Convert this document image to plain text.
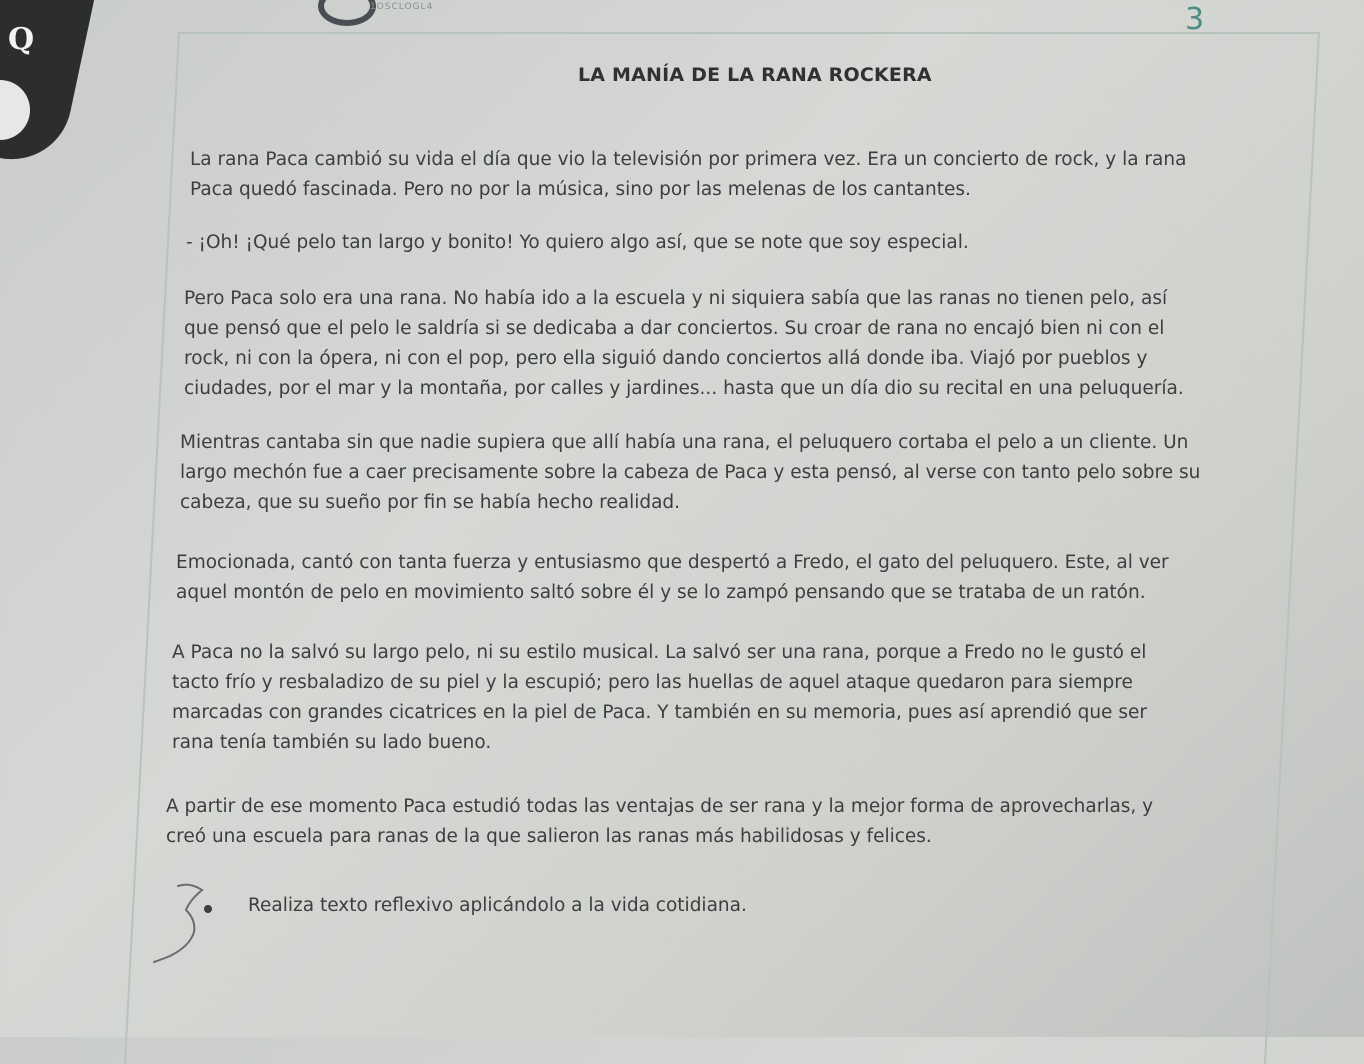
Q
1OSCLOGL4	3
LA MANÍA DE LA RANA ROCKERA
La rana Paca cambió su vida el día que vio la televisión por primera vez. Era un concierto de rock, y la rana
Paca quedó fascinada. Pero no por la música, sino por las melenas de los cantantes.
- ¡Oh! ¡Qué pelo tan largo y bonito! Yo quiero algo así, que se note que soy especial.
Pero Paca solo era una rana. No había ido a la escuela y ni siquiera sabía que las ranas no tienen pelo, así
que pensó que el pelo le saldría si se dedicaba a dar conciertos. Su croar de rana no encajó bien ni con el
rock, ni con la ópera, ni con el pop, pero ella siguió dando conciertos allá donde iba. Viajó por pueblos y
ciudades, por el mar y la montaña, por calles y jardines... hasta que un día dio su recital en una peluquería.
Mientras cantaba sin que nadie supiera que allí había una rana, el peluquero cortaba el pelo a un cliente. Un
largo mechón fue a caer precisamente sobre la cabeza de Paca y esta pensó, al verse con tanto pelo sobre su
cabeza, que su sueño por fin se había hecho realidad.
Emocionada, cantó con tanta fuerza y entusiasmo que despertó a Fredo, el gato del peluquero. Este, al ver
aquel montón de pelo en movimiento saltó sobre él y se lo zampó pensando que se trataba de un ratón.
A Paca no la salvó su largo pelo, ni su estilo musical. La salvó ser una rana, porque a Fredo no le gustó el
tacto frío y resbaladizo de su piel y la escupió; pero las huellas de aquel ataque quedaron para siempre
marcadas con grandes cicatrices en la piel de Paca. Y también en su memoria, pues así aprendió que ser
rana tenía también su lado bueno.
A partir de ese momento Paca estudió todas las ventajas de ser rana y la mejor forma de aprovecharlas, y
creó una escuela para ranas de la que salieron las ranas más habilidosas y felices.
Realiza texto reflexivo aplicándolo a la vida cotidiana.
